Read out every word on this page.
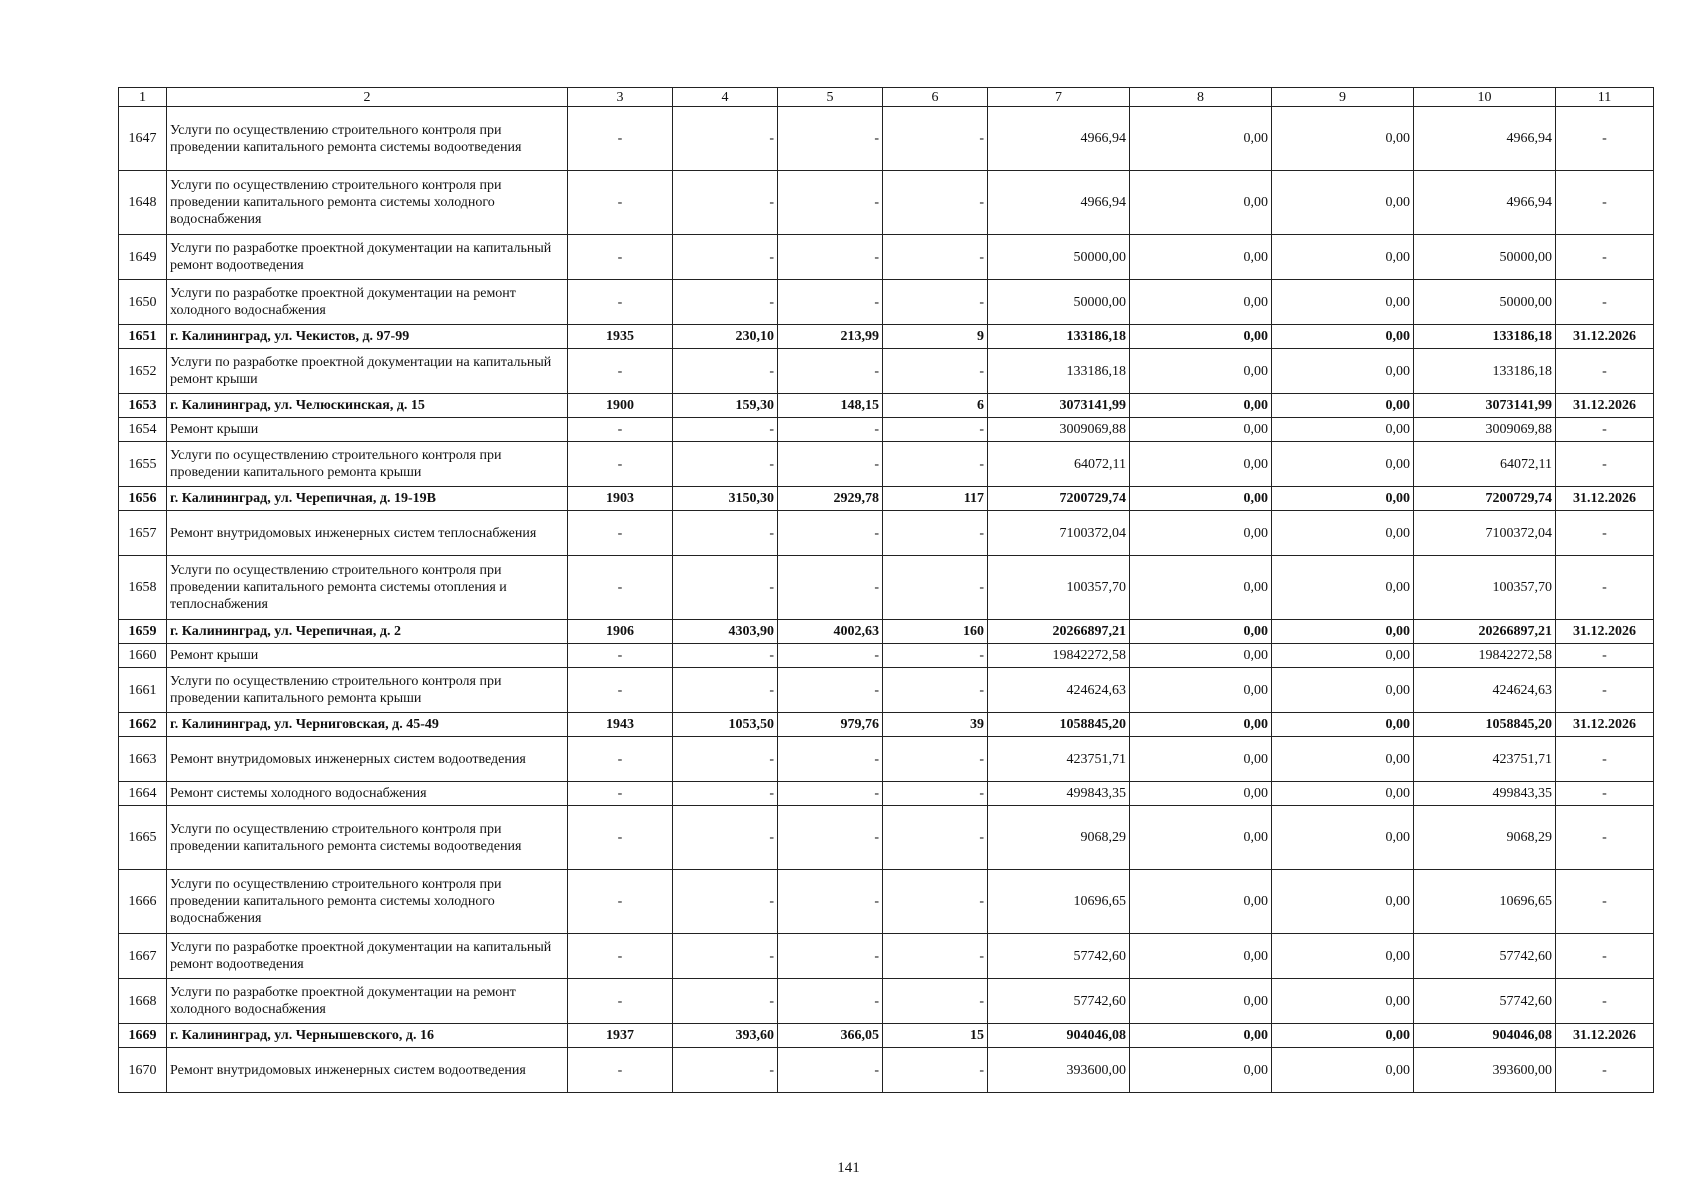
1	2	3	4	5	6	7	8	9	10	11
1647	Услуги по осуществлению строительного контроля при проведении капитального ремонта системы водоотведения	-	-	-	-	4966,94	0,00	0,00	4966,94	-
1648	Услуги по осуществлению строительного контроля при проведении капитального ремонта системы холодного водоснабжения	-	-	-	-	4966,94	0,00	0,00	4966,94	-
1649	Услуги по разработке проектной документации на капитальный ремонт водоотведения	-	-	-	-	50000,00	0,00	0,00	50000,00	-
1650	Услуги по разработке проектной документации на ремонт холодного водоснабжения	-	-	-	-	50000,00	0,00	0,00	50000,00	-
1651	г. Калининград, ул. Чекистов, д. 97-99	1935	230,10	213,99	9	133186,18	0,00	0,00	133186,18	31.12.2026
1652	Услуги по разработке проектной документации на капитальный ремонт крыши	-	-	-	-	133186,18	0,00	0,00	133186,18	-
1653	г. Калининград, ул. Челюскинская, д. 15	1900	159,30	148,15	6	3073141,99	0,00	0,00	3073141,99	31.12.2026
1654	Ремонт крыши	-	-	-	-	3009069,88	0,00	0,00	3009069,88	-
1655	Услуги по осуществлению строительного контроля при проведении капитального ремонта крыши	-	-	-	-	64072,11	0,00	0,00	64072,11	-
1656	г. Калининград, ул. Черепичная, д. 19-19В	1903	3150,30	2929,78	117	7200729,74	0,00	0,00	7200729,74	31.12.2026
1657	Ремонт внутридомовых инженерных систем теплоснабжения	-	-	-	-	7100372,04	0,00	0,00	7100372,04	-
1658	Услуги по осуществлению строительного контроля при проведении капитального ремонта системы отопления и теплоснабжения	-	-	-	-	100357,70	0,00	0,00	100357,70	-
1659	г. Калининград, ул. Черепичная, д. 2	1906	4303,90	4002,63	160	20266897,21	0,00	0,00	20266897,21	31.12.2026
1660	Ремонт крыши	-	-	-	-	19842272,58	0,00	0,00	19842272,58	-
1661	Услуги по осуществлению строительного контроля при проведении капитального ремонта крыши	-	-	-	-	424624,63	0,00	0,00	424624,63	-
1662	г. Калининград, ул. Черниговская, д. 45-49	1943	1053,50	979,76	39	1058845,20	0,00	0,00	1058845,20	31.12.2026
1663	Ремонт внутридомовых инженерных систем водоотведения	-	-	-	-	423751,71	0,00	0,00	423751,71	-
1664	Ремонт системы холодного водоснабжения	-	-	-	-	499843,35	0,00	0,00	499843,35	-
1665	Услуги по осуществлению строительного контроля при проведении капитального ремонта системы водоотведения	-	-	-	-	9068,29	0,00	0,00	9068,29	-
1666	Услуги по осуществлению строительного контроля при проведении капитального ремонта системы холодного водоснабжения	-	-	-	-	10696,65	0,00	0,00	10696,65	-
1667	Услуги по разработке проектной документации на капитальный ремонт водоотведения	-	-	-	-	57742,60	0,00	0,00	57742,60	-
1668	Услуги по разработке проектной документации на ремонт холодного водоснабжения	-	-	-	-	57742,60	0,00	0,00	57742,60	-
1669	г. Калининград, ул. Чернышевского, д. 16	1937	393,60	366,05	15	904046,08	0,00	0,00	904046,08	31.12.2026
1670	Ремонт внутридомовых инженерных систем водоотведения	-	-	-	-	393600,00	0,00	0,00	393600,00	-
141
